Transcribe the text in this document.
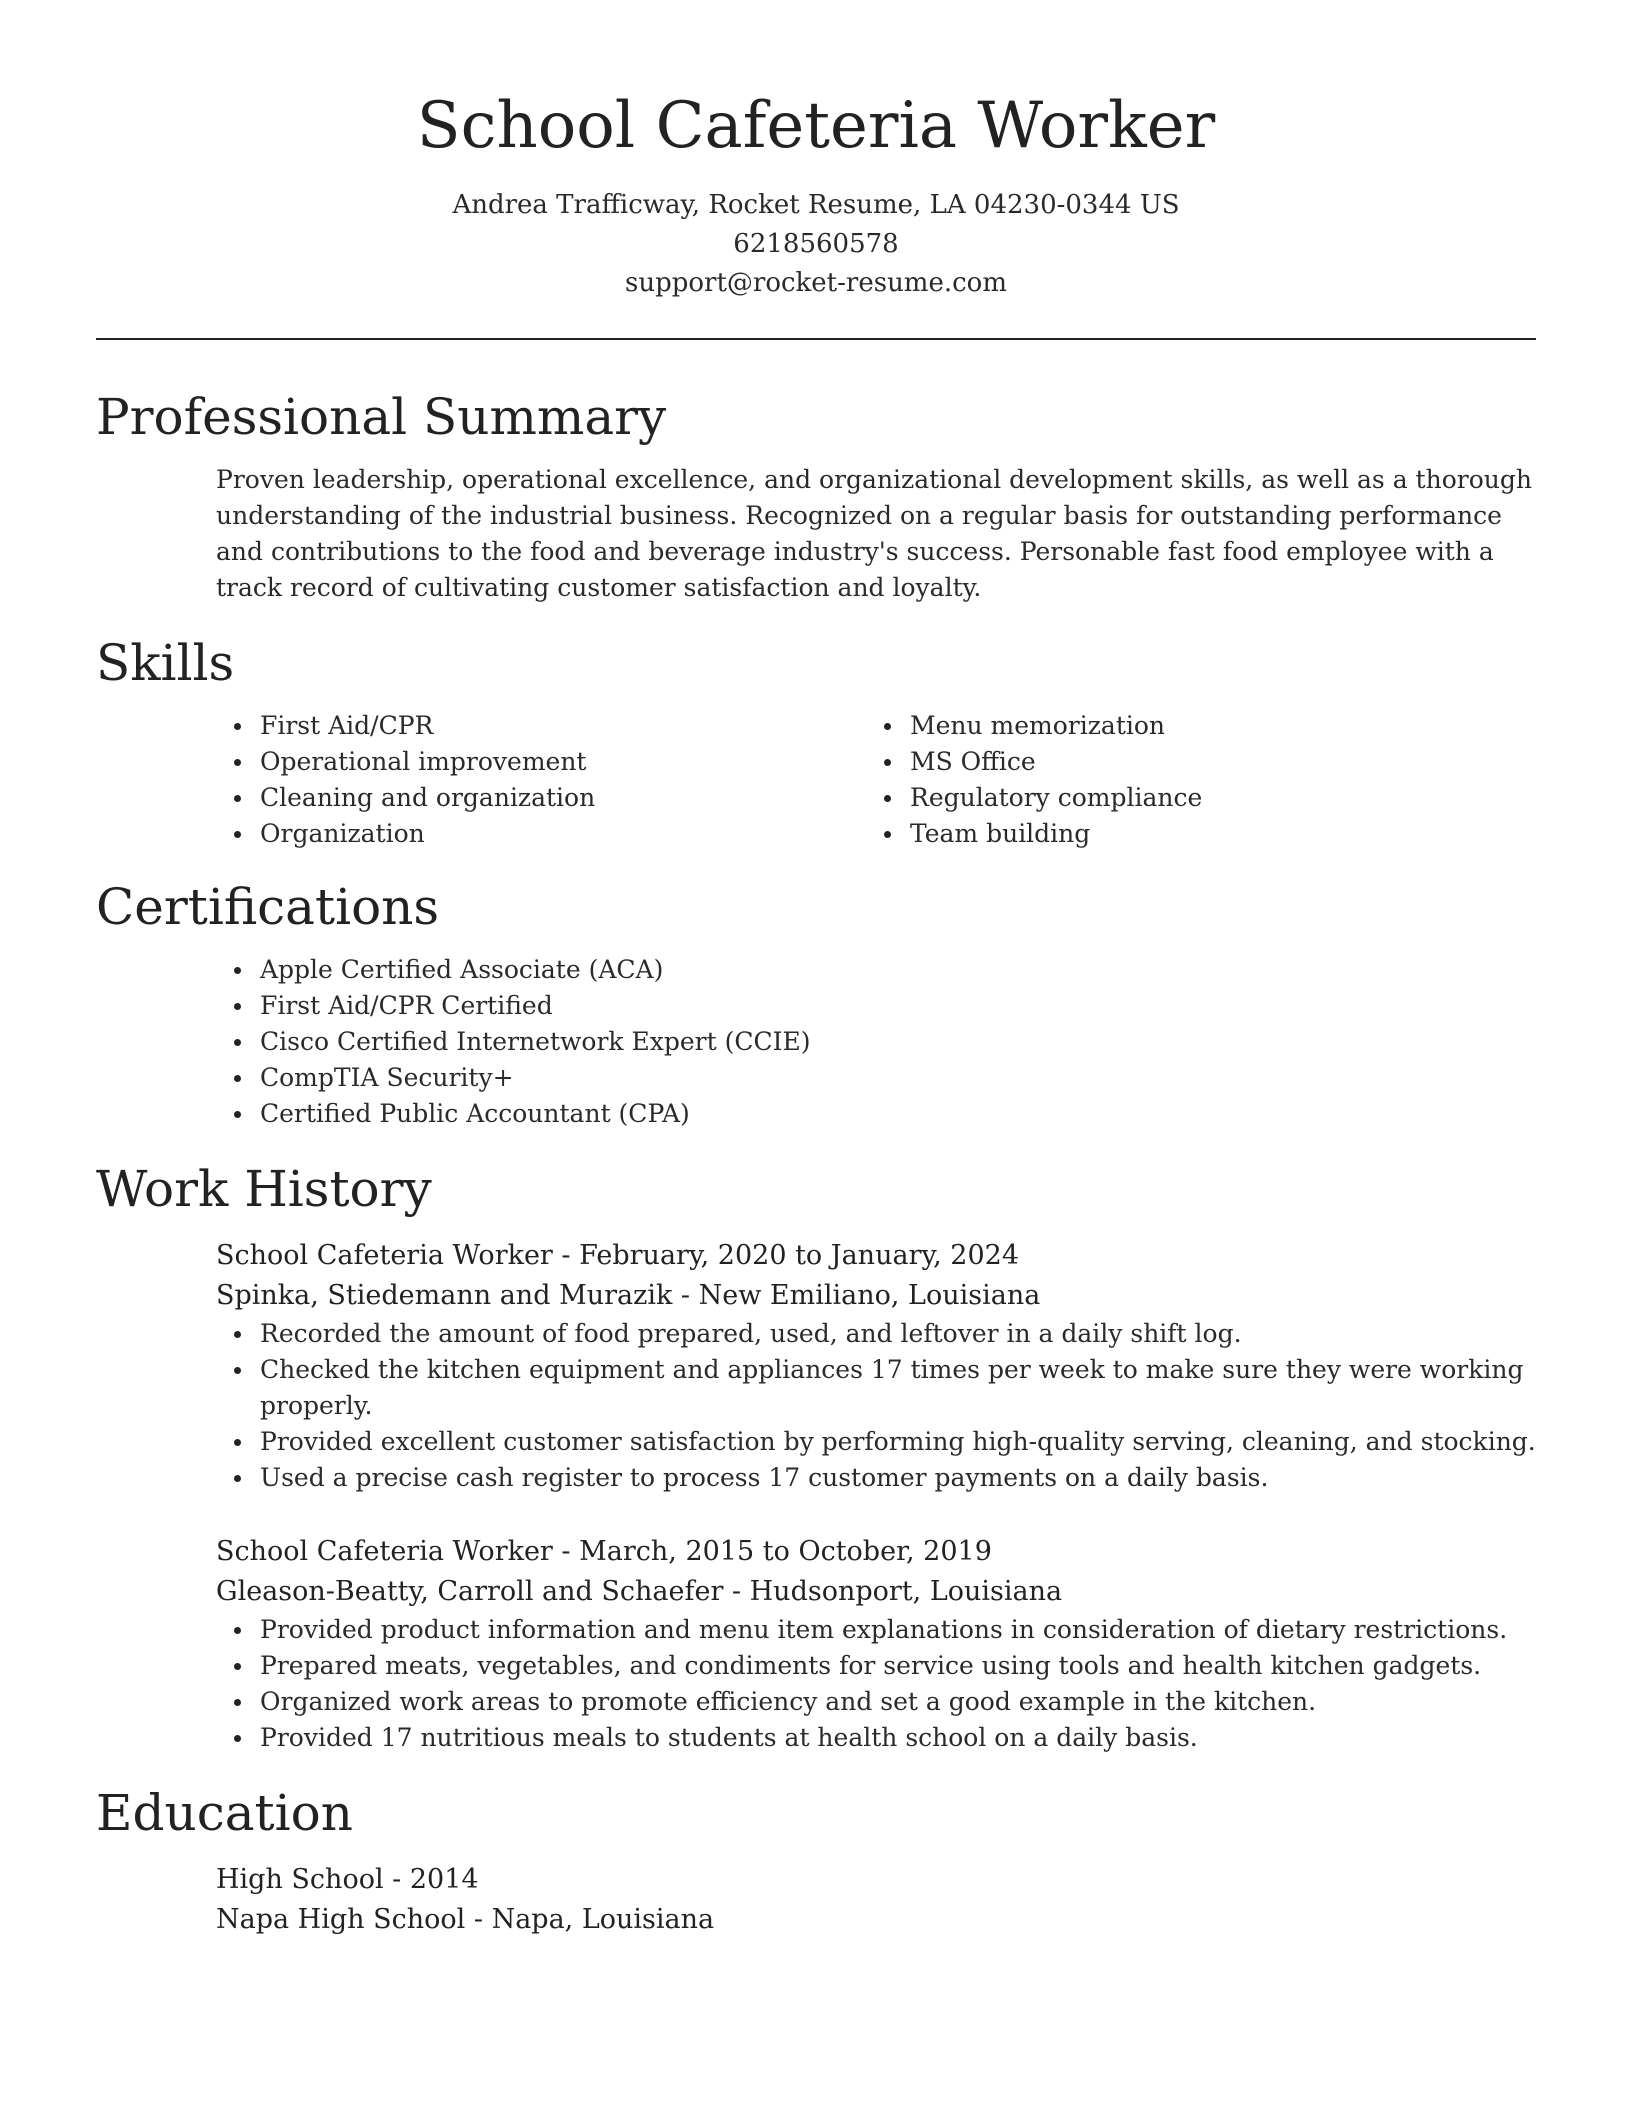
School Cafeteria Worker
Andrea Trafficway, Rocket Resume, LA 04230-0344 US
6218560578
support@rocket-resume.com
Professional Summary
Proven leadership, operational excellence, and organizational development skills, as well as a thorough understanding of the industrial business. Recognized on a regular basis for outstanding performance and contributions to the food and beverage industry's success. Personable fast food employee with a track record of cultivating customer satisfaction and loyalty.
Skills
First Aid/CPR
Operational improvement
Cleaning and organization
Organization
Menu memorization
MS Office
Regulatory compliance
Team building
Certifications
Apple Certified Associate (ACA)
First Aid/CPR Certified
Cisco Certified Internetwork Expert (CCIE)
CompTIA Security+
Certified Public Accountant (CPA)
Work History
School Cafeteria Worker - February, 2020 to January, 2024
Spinka, Stiedemann and Murazik - New Emiliano, Louisiana
Recorded the amount of food prepared, used, and leftover in a daily shift log.
Checked the kitchen equipment and appliances 17 times per week to make sure they were working properly.
Provided excellent customer satisfaction by performing high-quality serving, cleaning, and stocking.
Used a precise cash register to process 17 customer payments on a daily basis.
School Cafeteria Worker - March, 2015 to October, 2019
Gleason-Beatty, Carroll and Schaefer - Hudsonport, Louisiana
Provided product information and menu item explanations in consideration of dietary restrictions.
Prepared meats, vegetables, and condiments for service using tools and health kitchen gadgets.
Organized work areas to promote efficiency and set a good example in the kitchen.
Provided 17 nutritious meals to students at health school on a daily basis.
Education
High School - 2014
Napa High School - Napa, Louisiana
